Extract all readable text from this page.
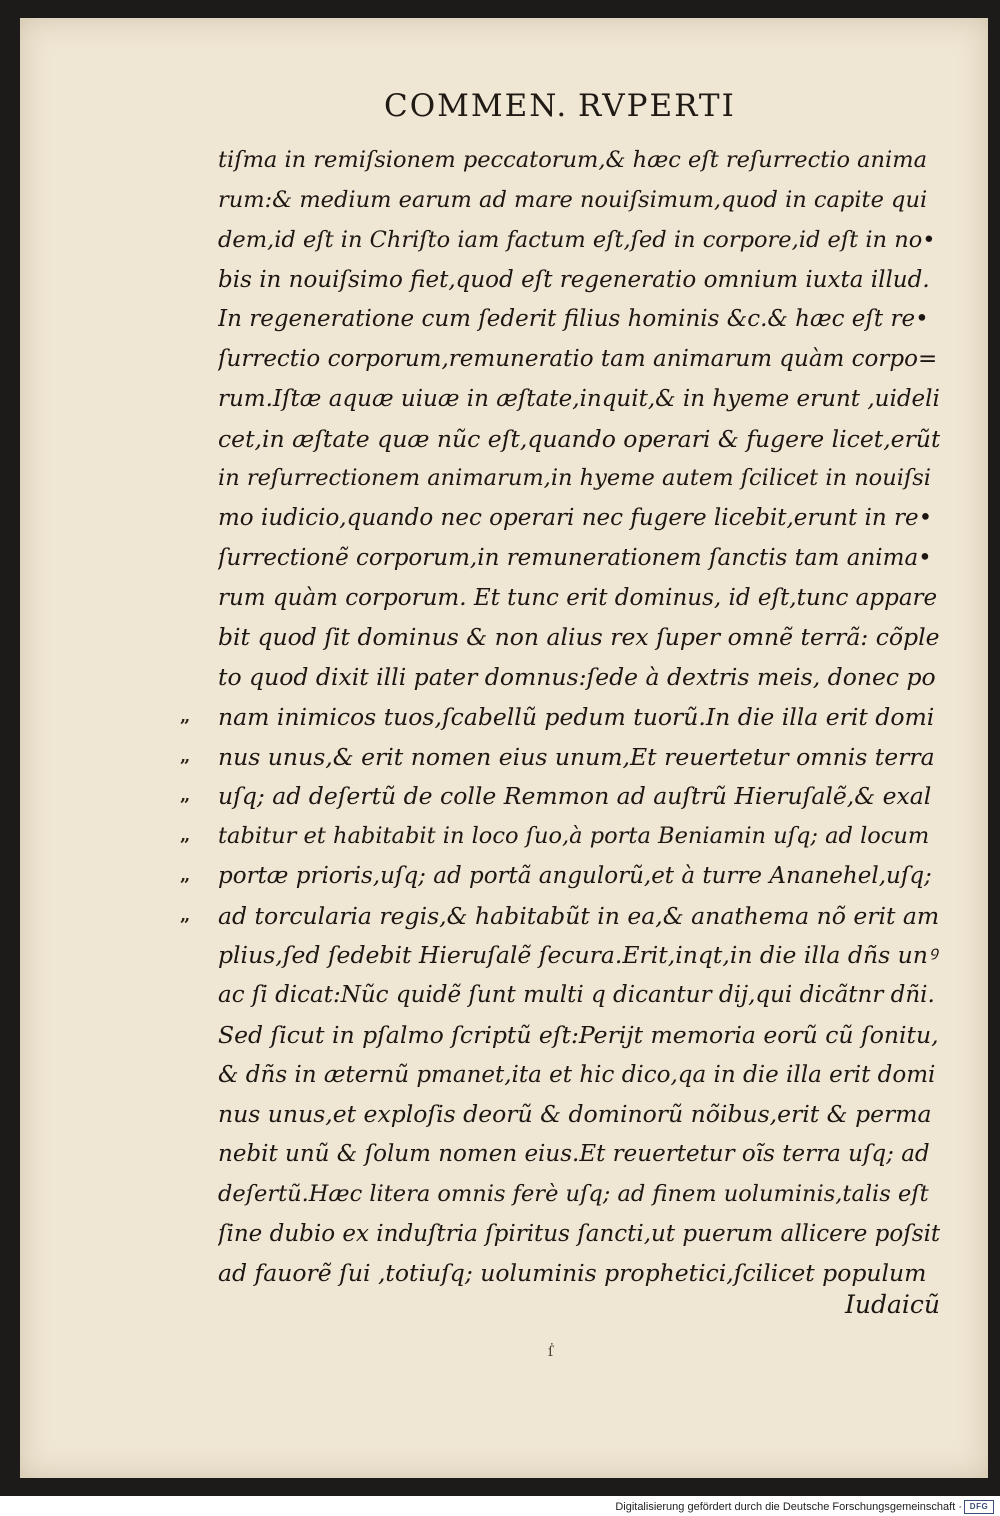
COMMEN. RVPERTI
tiſma in remiſsionem peccatorum,& hæc eſt reſurrectio anima
rum:& medium earum ad mare nouiſsimum,quod in capite qui
dem,id eſt in Chriſto iam factum eſt,ſed in corpore,id eſt in no•
bis in nouiſsimo fiet,quod eſt regeneratio omnium iuxta illud.
In regeneratione cum ſederit filius hominis &c.& hæc eſt re•
ſurrectio corporum,remuneratio tam animarum quàm corpo=
rum.Iſtæ aquæ uiuæ in æſtate,inquit,& in hyeme erunt ,uideli
cet,in æſtate quæ nũc eſt,quando operari & fugere licet,erũt
in reſurrectionem animarum,in hyeme autem ſcilicet in nouiſsi
mo iudicio,quando nec operari nec fugere licebit,erunt in re•
ſurrectionẽ corporum,in remunerationem ſanctis tam anima•
rum quàm corporum. Et tunc erit dominus, id eſt,tunc appare
bit quod ſit dominus & non alius rex ſuper omnẽ terrã: cõple
to quod dixit illi pater domnus:ſede à dextris meis, donec po
nam inimicos tuos,ſcabellũ pedum tuorũ.In die illa erit domi
nus unus,& erit nomen eius unum,Et reuertetur omnis terra
uſq; ad deſertũ de colle Remmon ad auſtrũ Hieruſalẽ,& exal
tabitur et habitabit in loco ſuo,à porta Beniamin uſq; ad locum
portæ prioris,uſq; ad portã angulorũ,et à turre Ananehel,uſq;
ad torcularia regis,& habitabũt in ea,& anathema nõ erit am
plius,ſed ſedebit Hieruſalẽ ſecura.Erit,inqt,in die illa dñs unꝰ
ac ſi dicat:Nũc quidẽ ſunt multi q dicantur dij,qui dicãtnr dñi.
Sed ſicut in pſalmo ſcriptũ eſt:Perijt memoria eorũ cũ ſonitu,
& dñs in æternũ pmanet,ita et hic dico,qa in die illa erit domi
nus unus,et exploſis deorũ & dominorũ nõibus,erit & perma
nebit unũ & ſolum nomen eius.Et reuertetur oĩs terra uſq; ad
deſertũ.Hæc litera omnis ferè uſq; ad finem uoluminis,talis eſt
ſine dubio ex induſtria ſpiritus ſancti,ut puerum allicere poſsit
ad fauorẽ ſui ,totiuſq; uoluminis prophetici,ſcilicet populum
Iudaicũ
„
„
„
„
„
„
ẛ
Digitalisierung gefördert durch die Deutsche Forschungsgemeinschaft · DFG
